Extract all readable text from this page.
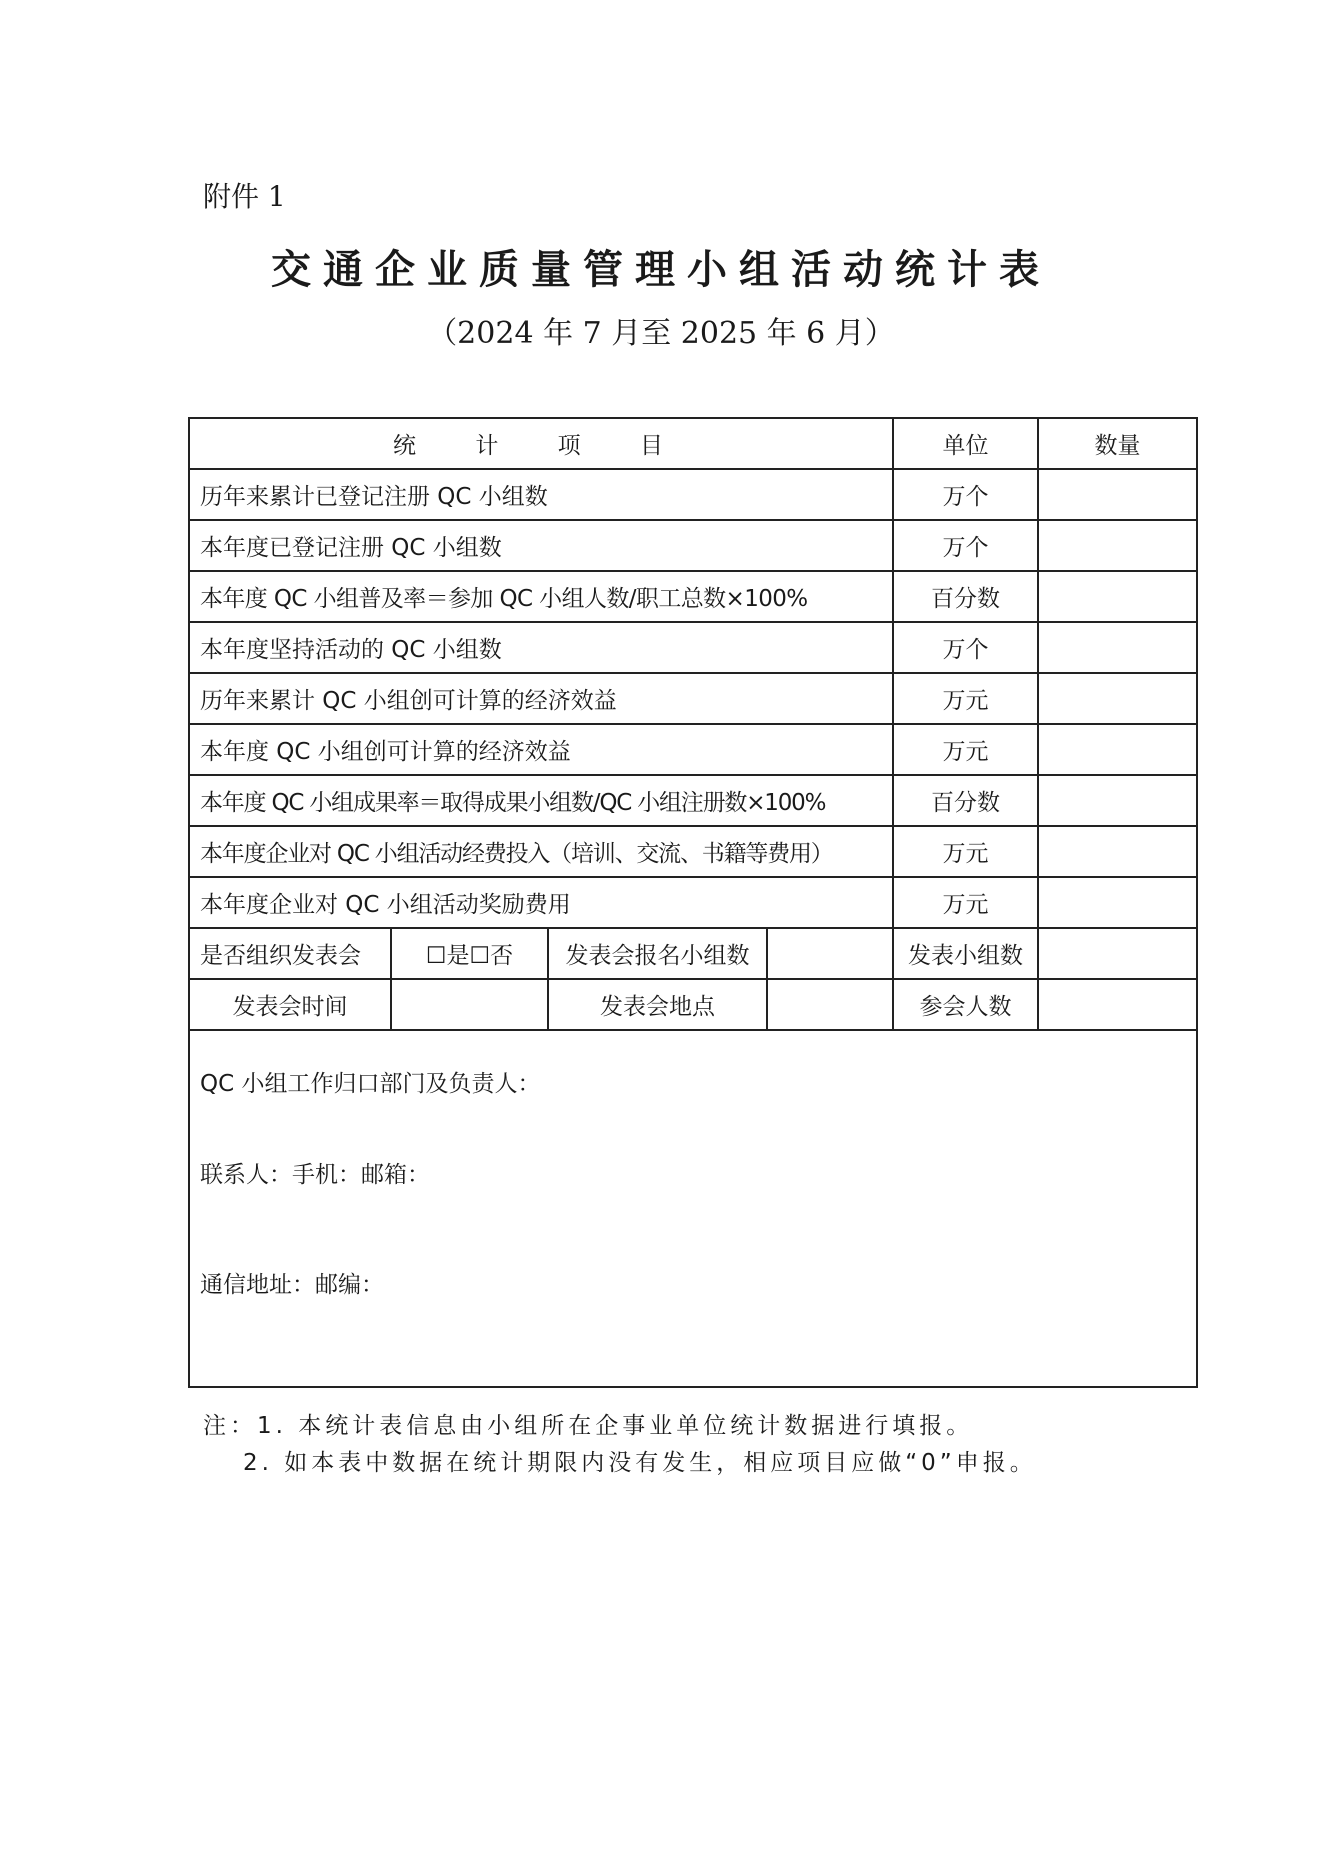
附件 1
交通企业质量管理小组活动统计表
（2024 年 7 月至 2025 年 6 月）
统 计 项 目				单位	数量
历年来累计已登记注册 QC 小组数				万个	
本年度已登记注册 QC 小组数				万个	
本年度 QC 小组普及率＝参加 QC 小组人数/职工总数×100%				百分数	
本年度坚持活动的 QC 小组数				万个	
历年来累计 QC 小组创可计算的经济效益				万元	
本年度 QC 小组创可计算的经济效益				万元	
本年度 QC 小组成果率＝取得成果小组数/QC 小组注册数×100%				百分数	
本年度企业对 QC 小组活动经费投入（培训、交流、书籍等费用）				万元	
本年度企业对 QC 小组活动奖励费用				万元	
是否组织发表会	☐是☐否	发表会报名小组数		发表小组数	
发表会时间		发表会地点		参会人数	

QC 小组工作归口部门及负责人：
联系人：手机：邮箱：
通信地址：邮编：					
注：1. 本统计表信息由小组所在企事业单位统计数据进行填报。
2. 如本表中数据在统计期限内没有发生，相应项目应做“0”申报。
